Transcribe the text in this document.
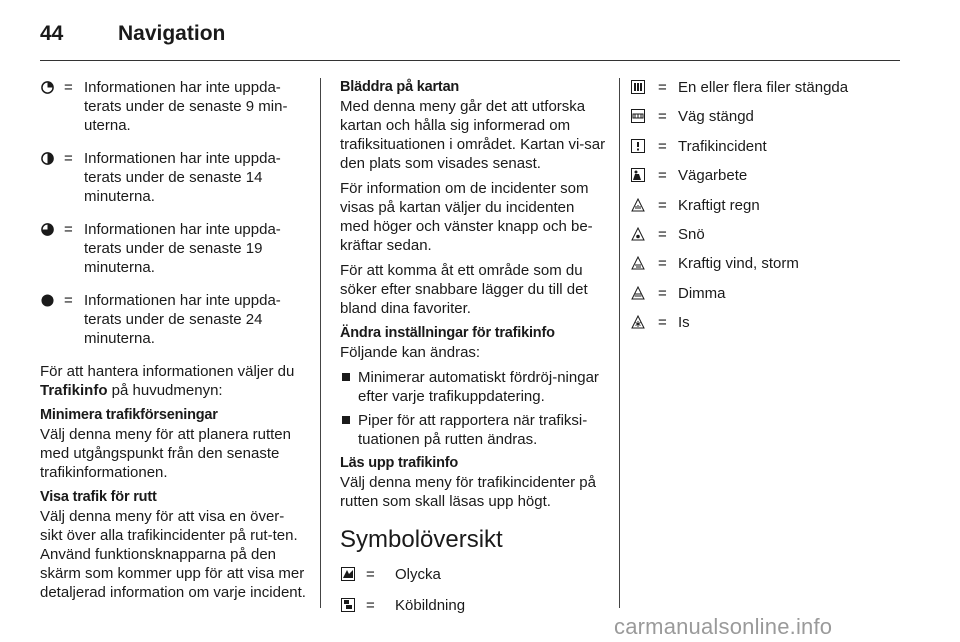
44	Navigation
= Informationen har inte uppda-
terats under de senaste 9 min-
uterna.
= Informationen har inte uppda-
terats under de senaste 14
minuterna.
= Informationen har inte uppda-
terats under de senaste 19
minuterna.
= Informationen har inte uppda-
terats under de senaste 24
minuterna.

För att hantera informationen väljer du Trafikinfo på huvudmenyn:

Minimera trafikförseningar
Välj denna meny för att planera rutten med utgångspunkt från den senaste trafikinformationen.
Visa trafik för rutt
Välj denna meny för att visa en över-sikt över alla trafikincidenter på rut-ten. Använd funktionsknapparna på den skärm som kommer upp för att visa mer detaljerad information om varje incident.
Bläddra på kartan

Med denna meny går det att utforska kartan och hålla sig informerad om trafiksituationen i området. Kartan vi-sar den plats som visades senast.

För information om de incidenter som visas på kartan väljer du incidenten med höger och vänster knapp och be-kräftar sedan.

För att komma åt ett område som du söker efter snabbare lägger du till det bland dina favoriter.

Ändra inställningar för trafikinfo

Följande kan ändras:

Minimerar automatiskt fördröj-ningar efter varje trafikuppdatering.
Piper för att rapportera när trafiksi-tuationen på rutten ändras.
Läs upp trafikinfo

Välj denna meny för trafikincidenter på rutten som skall läsas upp högt.

Symbolöversikt
= Olycka
= Köbildning
= En eller flera filer stängda
= Väg stängd
= Trafikincident
= Vägarbete
= Kraftigt regn
= Snö
= Kraftig vind, storm
= Dimma
= Is
carmanualsonline.info
